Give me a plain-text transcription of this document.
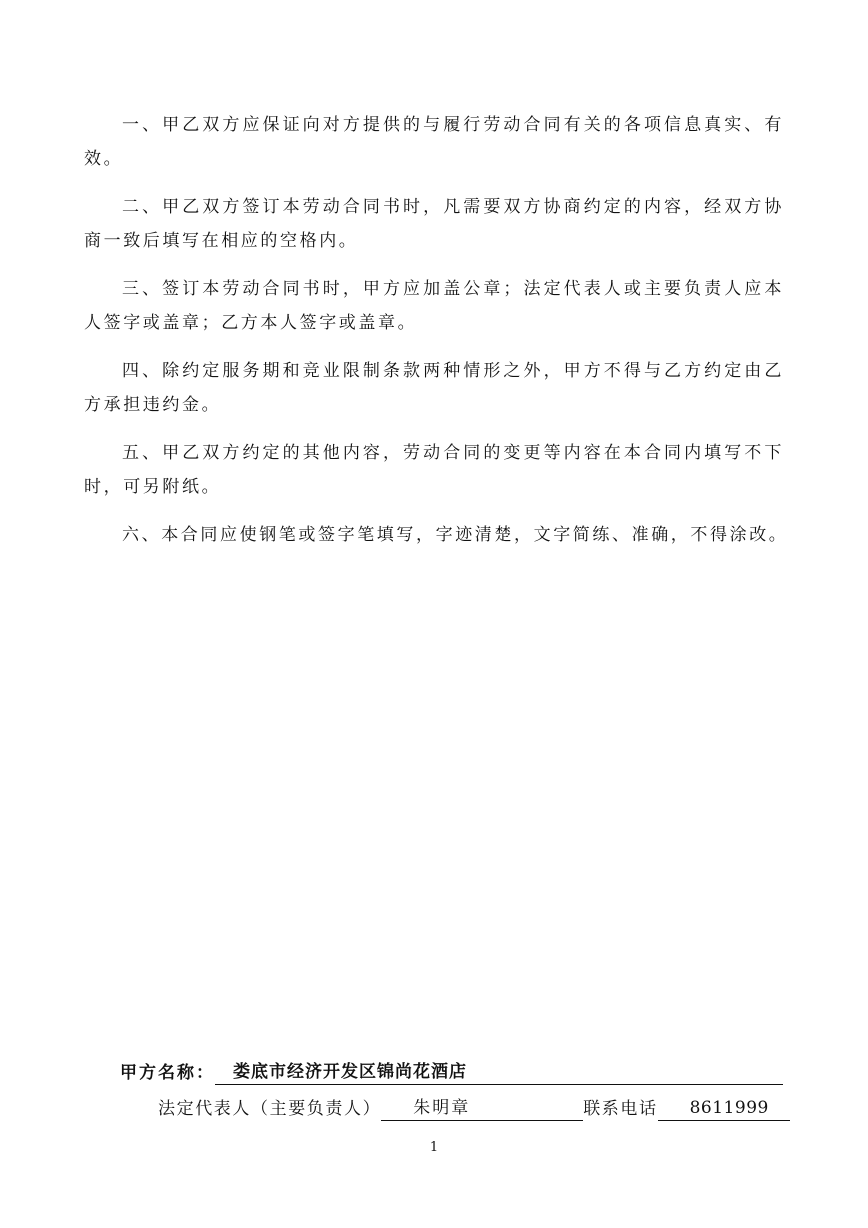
一、甲乙双方应保证向对方提供的与履行劳动合同有关的各项信息真实、有效。

二、甲乙双方签订本劳动合同书时，凡需要双方协商约定的内容，经双方协商一致后填写在相应的空格内。

三、签订本劳动合同书时，甲方应加盖公章；法定代表人或主要负责人应本人签字或盖章；乙方本人签字或盖章。

四、除约定服务期和竞业限制条款两种情形之外，甲方不得与乙方约定由乙方承担违约金。

五、甲乙双方约定的其他内容，劳动合同的变更等内容在本合同内填写不下时，可另附纸。

六、本合同应使钢笔或签字笔填写，字迹清楚，文字简练、准确，不得涂改。

甲方名称： 娄底市经济开发区锦尚花酒店
法定代表人（主要负责人） 朱明章	联系电话 8611999
1
